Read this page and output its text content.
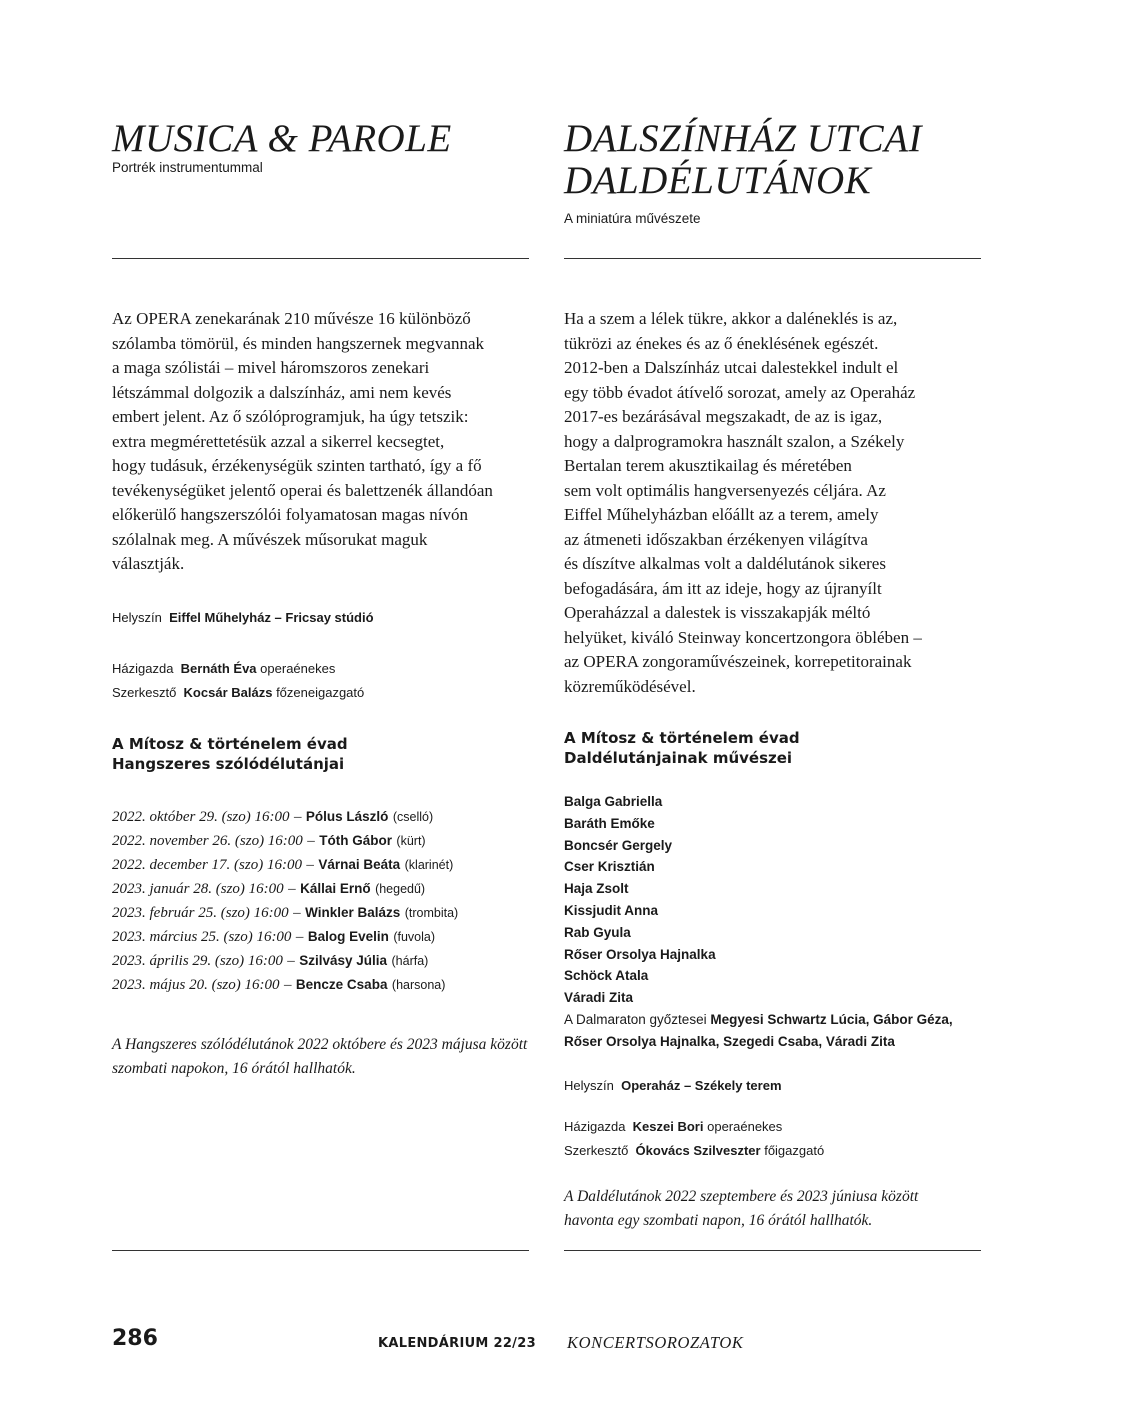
MUSICA & PAROLE
Portrék instrumentummal

Az OPERA zenekarának 210 művésze 16 különböző

szólamba tömörül, és minden hangszernek megvannak

a maga szólistái – mivel háromszoros zenekari

létszámmal dolgozik a dalszínház, ami nem kevés

embert jelent. Az ő szólóprogramjuk, ha úgy tetszik:

extra megmérettetésük azzal a sikerrel kecsegtet,

hogy tudásuk, érzékenységük szinten tartható, így a fő

tevékenységüket jelentő operai és balettzenék állandóan

előkerülő hangszerszólói folyamatosan magas nívón

szólalnak meg. A művészek műsorukat maguk

választják.

Helyszín Eiffel Műhelyház – Fricsay stúdió
Házigazda Bernáth Éva operaénekes
Szerkesztő Kocsár Balázs főzeneigazgató
A Mítosz & történelem évad
Hangszeres szólódélutánjai
2022. október 29. (szo) 16:00 – Pólus László (cselló)
2022. november 26. (szo) 16:00 – Tóth Gábor (kürt)
2022. december 17. (szo) 16:00 – Várnai Beáta (klarinét)
2023. január 28. (szo) 16:00 – Kállai Ernő (hegedű)
2023. február 25. (szo) 16:00 – Winkler Balázs (trombita)
2023. március 25. (szo) 16:00 – Balog Evelin (fuvola)
2023. április 29. (szo) 16:00 – Szilvásy Júlia (hárfa)
2023. május 20. (szo) 16:00 – Bencze Csaba (harsona)
A Hangszeres szólódélutánok 2022 októbere és 2023 májusa között
szombati napokon, 16 órától hallhatók.
DALSZÍNHÁZ UTCAI
DALDÉLUTÁNOK
A miniatúra művészete

Ha a szem a lélek tükre, akkor a daléneklés is az,

tükrözi az énekes és az ő éneklésének egészét.

2012-ben a Dalszínház utcai dalestekkel indult el

egy több évadot átívelő sorozat, amely az Operaház

2017-es bezárásával megszakadt, de az is igaz,

hogy a dalprogramokra használt szalon, a Székely

Bertalan terem akusztikailag és méretében

sem volt optimális hangversenyezés céljára. Az

Eiffel Műhelyházban előállt az a terem, amely

az átmeneti időszakban érzékenyen világítva

és díszítve alkalmas volt a daldélutánok sikeres

befogadására, ám itt az ideje, hogy az újranyílt

Operaházzal a dalestek is visszakapják méltó

helyüket, kiváló Steinway koncertzongora öblében –

az OPERA zongoraművészeinek, korrepetitorainak

közreműködésével.

A Mítosz & történelem évad
Daldélutánjainak művészei
Balga Gabriella
Baráth Emőke
Boncsér Gergely
Cser Krisztián
Haja Zsolt
Kissjudit Anna
Rab Gyula
Rőser Orsolya Hajnalka
Schöck Atala
Váradi Zita
A Dalmaraton győztesei Megyesi Schwartz Lúcia, Gábor Géza,
Rőser Orsolya Hajnalka, Szegedi Csaba, Váradi Zita
Helyszín Operaház – Székely terem
Házigazda Keszei Bori operaénekes
Szerkesztő Ókovács Szilveszter főigazgató
A Daldélutánok 2022 szeptembere és 2023 júniusa között
havonta egy szombati napon, 16 órától hallhatók.
286	KALENDÁRIUM 22/23 KONCERTSOROZATOK
